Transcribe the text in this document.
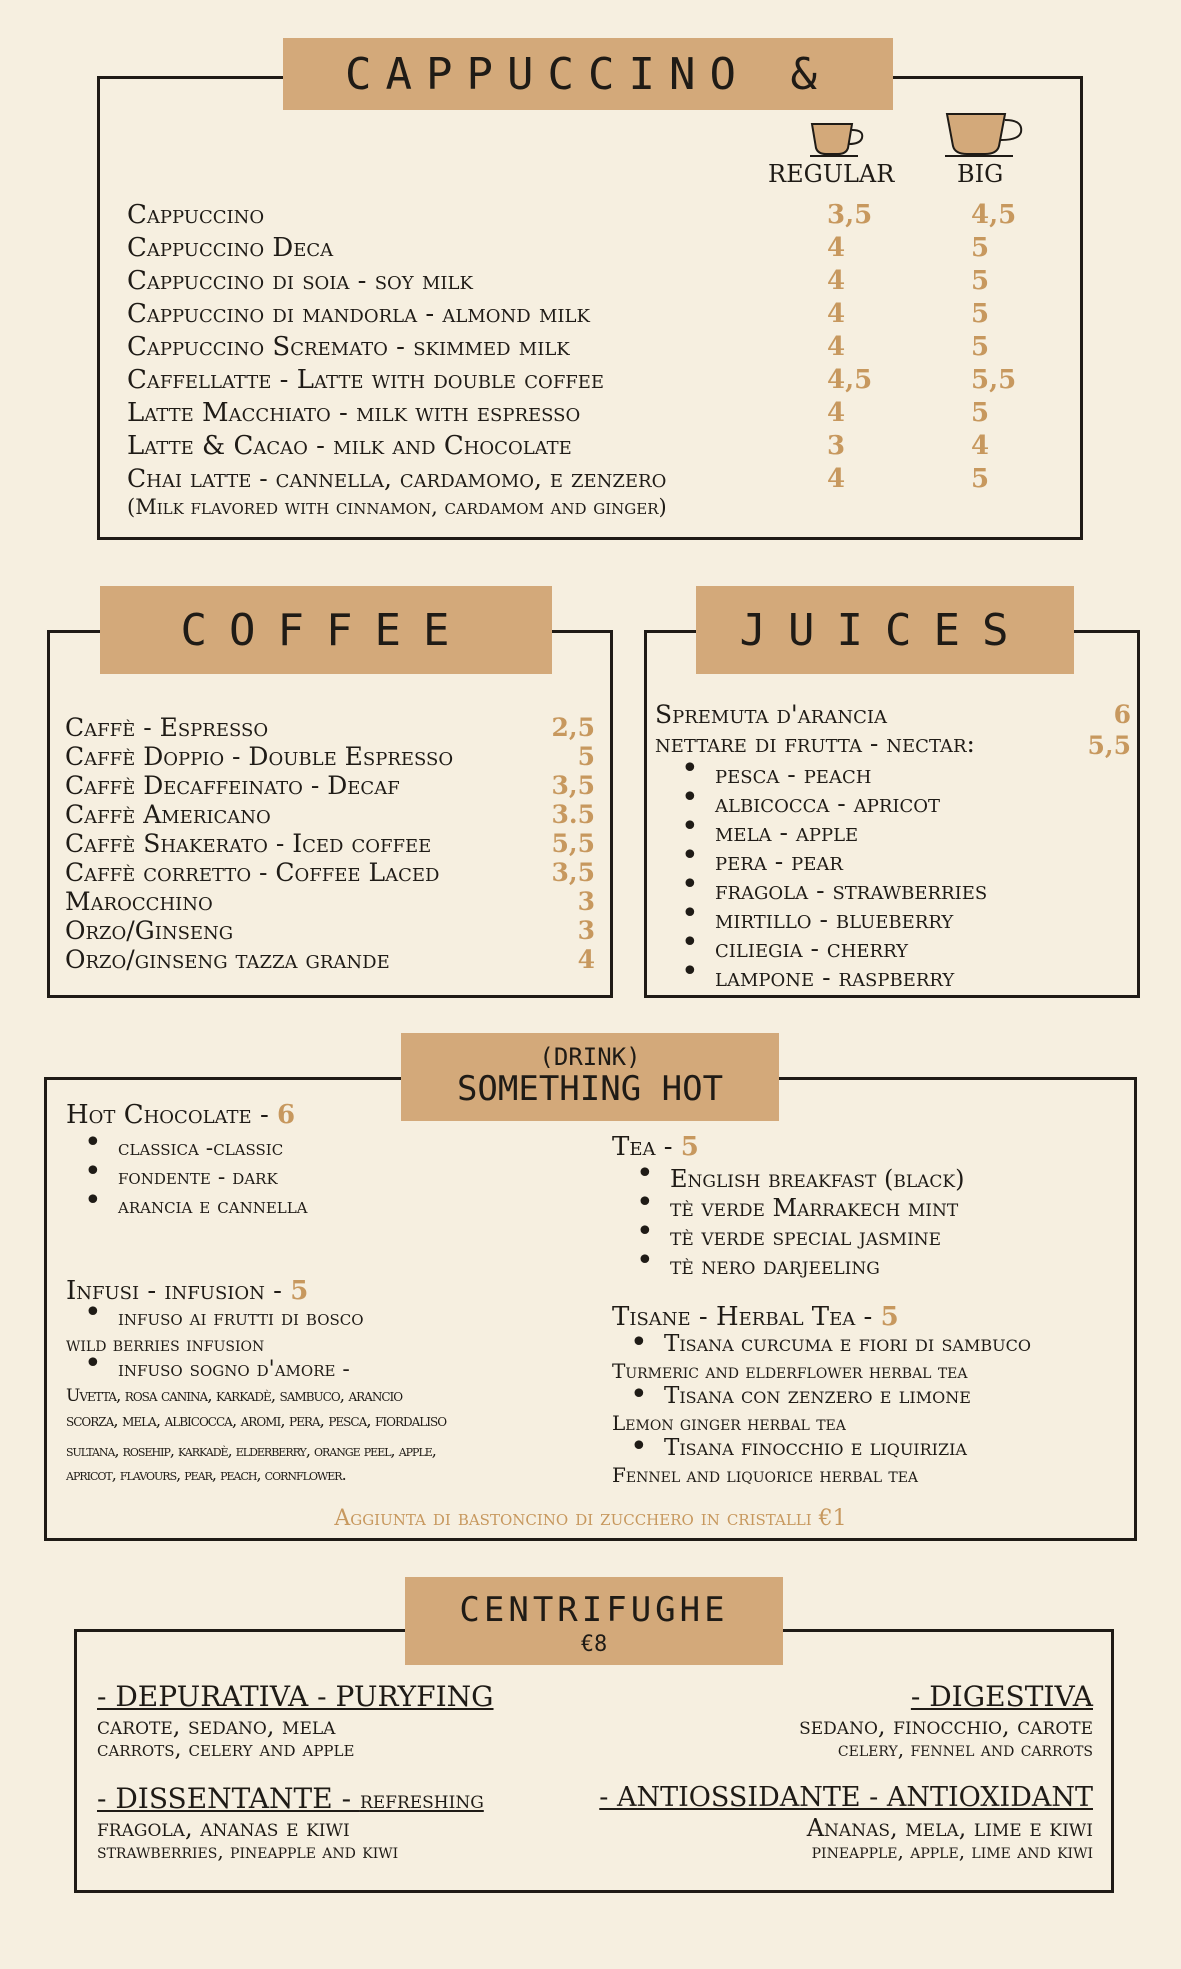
CAPPUCCINO &
REGULAR	BIG
Cappuccino	3,5	4,5
Cappuccino Deca	4	5
Cappuccino di soia - soy milk	4	5
Cappuccino di mandorla - almond milk	4	5
Cappuccino Scremato - skimmed milk	4	5
Caffellatte - Latte with double coffee	4,5	5,5
Latte Macchiato - milk with espresso	4	5
Latte & Cacao - milk and Chocolate	3	4
Chai latte - cannella, cardamomo, e zenzero	4	5
(Milk flavored with cinnamon, cardamom and ginger)
COFFEE
Caffè - Espresso	2,5
Caffè Doppio - Double Espresso	5
Caffè Decaffeinato - Decaf	3,5
Caffè Americano	3.5
Caffè Shakerato - Iced coffee	5,5
Caffè corretto - Coffee Laced	3,5
Marocchino	3
Orzo/Ginseng	3
Orzo/ginseng tazza grande	4
JUICES
Spremuta d'arancia	6
nettare di frutta - nectar:	5,5
• pesca - peach
• albicocca - apricot
• mela - apple
• pera - pear
• fragola - strawberries
• mirtillo - blueberry
• ciliegia - cherry
• lampone - raspberry
(DRINK)
SOMETHING HOT
Hot Chocolate - 6
• classica -classic
• fondente - dark
• arancia e cannella
Infusi - infusion - 5
• infuso ai frutti di bosco
wild berries infusion
• infuso sogno d'amore -
Uvetta, rosa canina, karkadè, sambuco, arancio
scorza, mela, albicocca, aromi, pera, pesca, fiordaliso
sultana, rosehip, karkadè, elderberry, orange peel, apple,
apricot, flavours, pear, peach, cornflower.
Tea - 5
• English breakfast (black)
• tè verde Marrakech mint
• tè verde special jasmine
• tè nero darjeeling
Tisane - Herbal Tea - 5
• Tisana curcuma e fiori di sambuco
Turmeric and elderflower herbal tea
• Tisana con zenzero e limone
Lemon ginger herbal tea
• Tisana finocchio e liquirizia
Fennel and liquorice herbal tea
Aggiunta di bastoncino di zucchero in cristalli €1
CENTRIFUGHE
€8
- DEPURATIVA - PURYFING
carote, sedano, mela
carrots, celery and apple
- DIGESTIVA
sedano, finocchio, carote
celery, fennel and carrots
- DISSENTANTE - refreshing
fragola, ananas e kiwi
strawberries, pineapple and kiwi
- ANTIOSSIDANTE - ANTIOXIDANT
Ananas, mela, lime e kiwi
pineapple, apple, lime and kiwi
